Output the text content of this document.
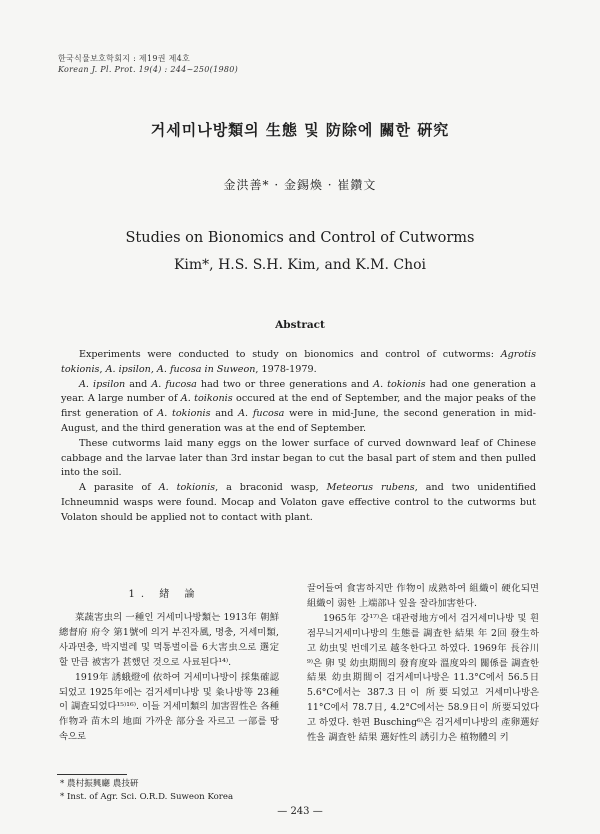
한국식물보호학회지 : 제19권 제4호
Korean J. Pl. Prot. 19(4) : 244~250(1980)
거세미나방類의 生態 및 防除에 關한 硏究
金洪善* · 金錫煥 · 崔鑽文
Studies on Bionomics and Control of Cutworms
Kim*, H.S. S.H. Kim, and K.M. Choi
Abstract

Experiments were conducted to study on bionomics and control of cutworms: Agrotis tokionis, A. ipsilon, A. fucosa in Suweon, 1978-1979.

A. ipsilon and A. fucosa had two or three generations and A. tokionis had one generation a year. A large number of A. toikonis occured at the end of September, and the major peaks of the first generation of A. tokionis and A. fucosa were in mid-June, the second generation in mid-August, and the third generation was at the end of September.

These cutworms laid many eggs on the lower surface of curved downward leaf of Chinese cabbage and the larvae later than 3rd instar began to cut the basal part of stem and then pulled into the soil.

A parasite of A. tokionis, a braconid wasp, Meteorus rubens, and two unidentified Ichneumnid wasps were found. Mocap and Volaton gave effective control to the cutworms but Volaton should be applied not to contact with plant.

1. 緖 論

菜蔬害虫의 一種인 거세미나방類는 1913年 朝鮮總督府 府令 第1號에 의거 부진자風, 명충, 거세미類, 사과면충, 박지벌레 및 먹통벌이를 6大害虫으로 選定할 만큼 被害가 甚했던 것으로 사료된다¹⁴⁾.

1919年 誘蛾燈에 依하여 거세미나방이 採集確認되었고 1925年에는 검거세미나방 및 粂나방等 23種이 調査되었다¹⁵⁾¹⁶⁾. 이들 거세미類의 加害習性은 各種作物과 苗木의 地面 가까운 部分을 자르고 一部를 땅속으로

끌어들여 食害하지만 作物이 成熟하여 組織이 硬化되면 組織이 弱한 上端部나 잎을 잘라加害한다.

1965年 강¹⁷⁾은 대관령地方에서 검거세미나방 및 흰점무늬거세미나방의 生態를 調査한 結果 年 2回 發生하고 幼虫및 번데기로 越冬한다고 하였다. 1969年 長谷川⁹⁾은 卵 및 幼虫期間의 發育度와 溫度와의 關係를 調査한 結果 幼虫期間이 검거세미나방은 11.3°C에서 56.5日 5.6°C에서는 387.3日이 所要되었고 거세미나방은 11°C에서 78.7日, 4.2°C에서는 58.9日이 所要되었다고 하였다. 한편 Busching⁶⁾은 검거세미나방의 產卵選好性을 調査한 結果 選好性의 誘引力은 植物體의 키

* 農村振興廳 農技硏
* Inst. of Agr. Sci. O.R.D. Suweon Korea
— 243 —
